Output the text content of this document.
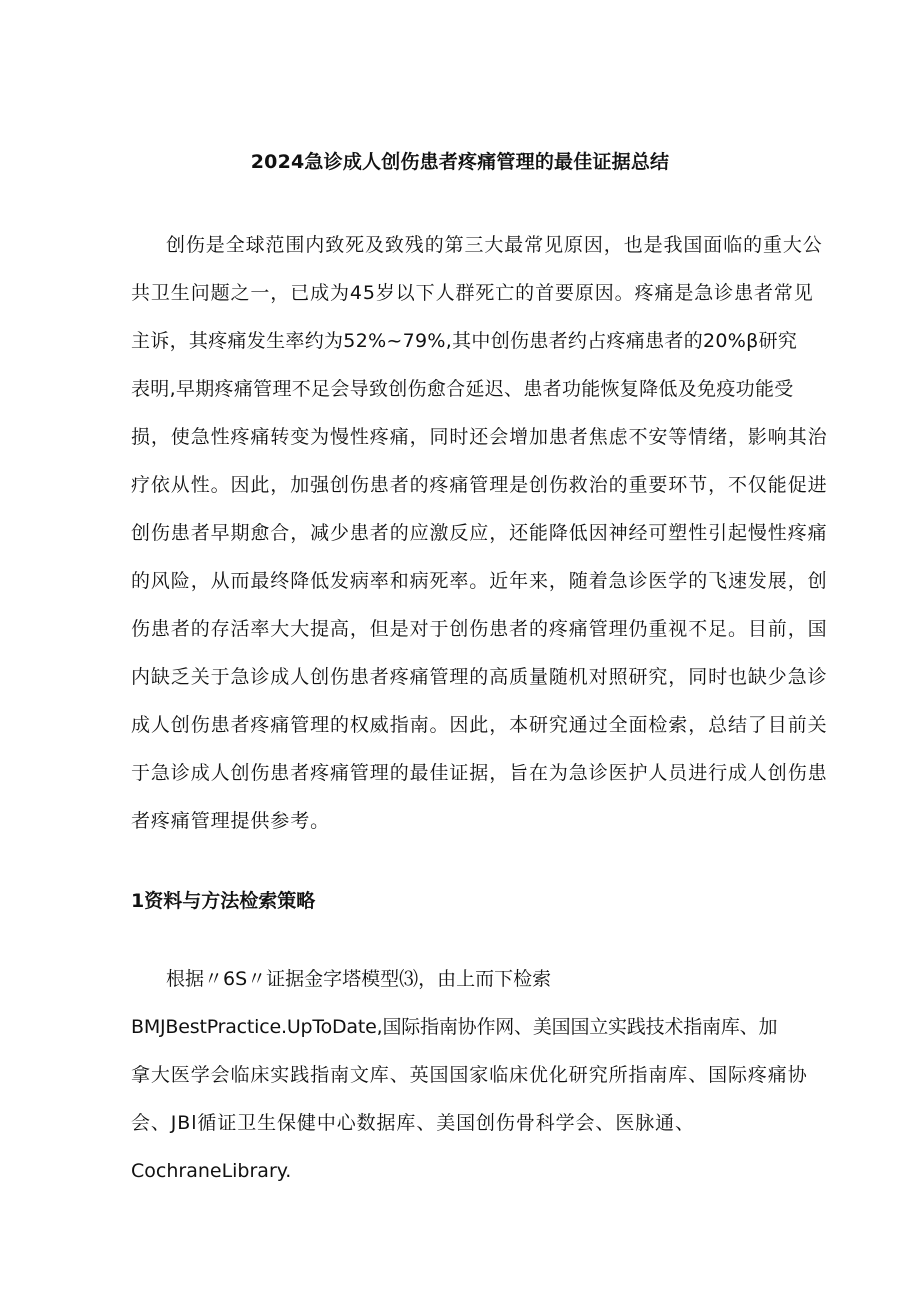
2024急诊成人创伤患者疼痛管理的最佳证据总结
创伤是全球范围内致死及致残的第三大最常见原因，也是我国面临的重大公
共卫生问题之一，已成为45岁以下人群死亡的首要原因。疼痛是急诊患者常见
主诉，其疼痛发生率约为52%~79%,其中创伤患者约占疼痛患者的20%β研究
表明,早期疼痛管理不足会导致创伤愈合延迟、患者功能恢复降低及免疫功能受
损，使急性疼痛转变为慢性疼痛，同时还会增加患者焦虑不安等情绪，影响其治
疗依从性。因此，加强创伤患者的疼痛管理是创伤救治的重要环节，不仅能促进
创伤患者早期愈合，减少患者的应激反应，还能降低因神经可塑性引起慢性疼痛
的风险，从而最终降低发病率和病死率。近年来，随着急诊医学的飞速发展，创
伤患者的存活率大大提高，但是对于创伤患者的疼痛管理仍重视不足。目前，国
内缺乏关于急诊成人创伤患者疼痛管理的高质量随机对照研究，同时也缺少急诊
成人创伤患者疼痛管理的权威指南。因此，本研究通过全面检索，总结了目前关
于急诊成人创伤患者疼痛管理的最佳证据，旨在为急诊医护人员进行成人创伤患
者疼痛管理提供参考。
1资料与方法检索策略
根据〃6S〃证据金字塔模型⑶，由上而下检索
BMJBestPractice.UpToDate,国际指南协作网、美国国立实践技术指南库、加
拿大医学会临床实践指南文库、英国国家临床优化研究所指南库、国际疼痛协
会、JBl循证卫生保健中心数据库、美国创伤骨科学会、医脉通、
CochraneLibrary.
